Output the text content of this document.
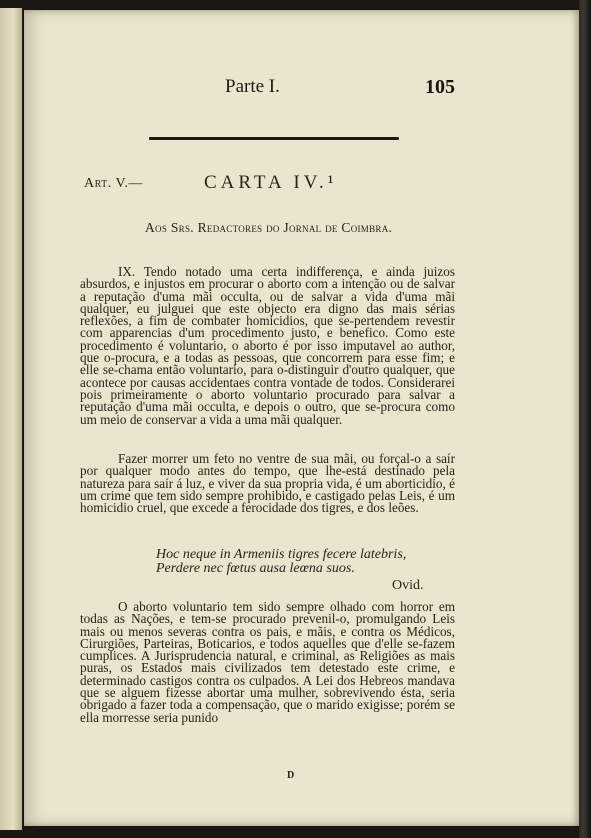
Parte I.	105
Art. V.—	CARTA IV.¹
Aos Srs. Redactores do Jornal de Coimbra.
IX. Tendo notado uma certa indifferença, e ainda juizos absurdos, e injustos em procurar o aborto com a intenção ou de salvar a reputação d'uma mãi occulta, ou de salvar a vida d'uma mãi qualquer, eu julguei que este objecto era digno das mais sérias reflexões, a fim de combater homicidios, que se-pertendem revestir com apparencias d'um procedimento justo, e benefico. Como este procedimento é voluntario, o aborto é por isso imputavel ao author, que o-procura, e a todas as pessoas, que concorrem para esse fim; e elle se-chama então voluntario, para o-distinguir d'outro qualquer, que acontece por causas accidentaes contra vontade de todos. Considerarei pois primeiramente o aborto voluntario procurado para salvar a reputação d'uma mãi occulta, e depois o outro, que se-procura como um meio de conservar a vida a uma mãi qualquer.
Fazer morrer um feto no ventre de sua mãi, ou forçal-o a saír por qualquer modo antes do tempo, que lhe-está destinado pela natureza para saír á luz, e viver da sua propria vida, é um aborticidio, é um crime que tem sido sempre prohibido, e castigado pelas Leis, é um homicidio cruel, que excede a ferocidade dos tigres, e dos leões.
Hoc neque in Armeniis tigres fecere latebris,
Perdere nec fœtus ausa leœna suos.
Ovid.
O aborto voluntario tem sido sempre olhado com horror em todas as Nações, e tem-se procurado prevenil-o, promulgando Leis mais ou menos severas contra os pais, e mãis, e contra os Médicos, Cirurgiões, Parteiras, Boticarios, e todos aquelles que d'elle se-fazem cumplices. A Jurisprudencia natural, e criminal, as Religiões as mais puras, os Estados mais civilizados tem detestado este crime, e determinado castigos contra os culpados. A Lei dos Hebreos mandava que se alguem fizesse abortar uma mulher, sobrevivendo ésta, seria obrigado a fazer toda a compensação, que o marido exigisse; porém se ella morresse seria punido
D
